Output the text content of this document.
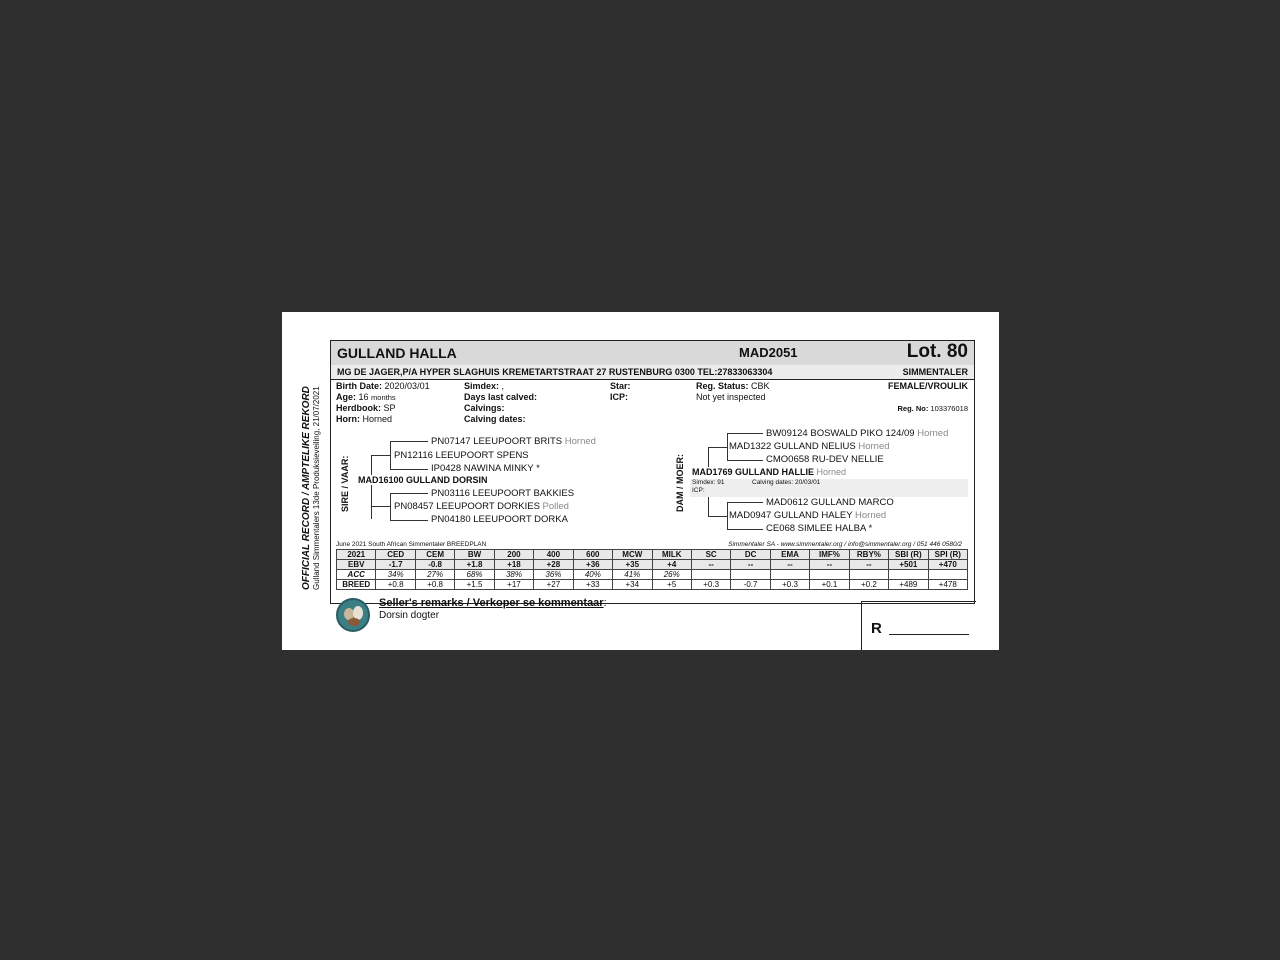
OFFICIAL RECORD / AMPTELIKE REKORD Gulland Simmentalers 13de Produksieveiling, 21/07/2021
GULLAND HALLA	MAD2051	Lot. 80
MG DE JAGER,P/A HYPER SLAGHUIS KREMETARTSTRAAT 27 RUSTENBURG 0300 TEL:27833063304	SIMMENTALER
Birth Date: 2020/03/01
Age: 16 months
Herdbook: SP
Horn: Horned
Simdex: ,
Days last calved:
Calvings:
Calving dates:
Star:
ICP:
Reg. Status: CBK
Not yet inspected
FEMALE/VROULIK
Reg. No: 103376018
SIRE / VAAR:
PN07147 LEEUPOORT BRITS Horned
PN12116 LEEUPOORT SPENS
IP0428 NAWINA MINKY *
MAD16100 GULLAND DORSIN
PN03116 LEEUPOORT BAKKIES
PN08457 LEEUPOORT DORKIES Polled
PN04180 LEEUPOORT DORKA
DAM / MOER:
BW09124 BOSWALD PIKO 124/09 Horned
MAD1322 GULLAND NELIUS Horned
CMO0658 RU-DEV NELLIE
MAD1769 GULLAND HALLIE Horned
Simdex: 91	Calving dates: 20/03/01
ICP:
MAD0612 GULLAND MARCO
MAD0947 GULLAND HALEY Horned
CE068 SIMLEE HALBA *
June 2021 South African Simmentaler BREEDPLAN	Simmentaler SA - www.simmentaler.org / info@simmentaler.org / 051 446 0580/2
2021	CED	CEM	BW	200	400	600	MCW	MILK	SC	DC	EMA	IMF%	RBY%	SBI (R)	SPI (R)
EBV	-1.7	-0.8	+1.8	+18	+28	+36	+35	+4	--	--	--	--	--	+501	+470
ACC	34%	27%	68%	38%	36%	40%	41%	26%							
BREED	+0.8	+0.8	+1.5	+17	+27	+33	+34	+5	+0.3	-0.7	+0.3	+0.1	+0.2	+489	+478
Seller's remarks / Verkoper se kommentaar:
Dorsin dogter
R
